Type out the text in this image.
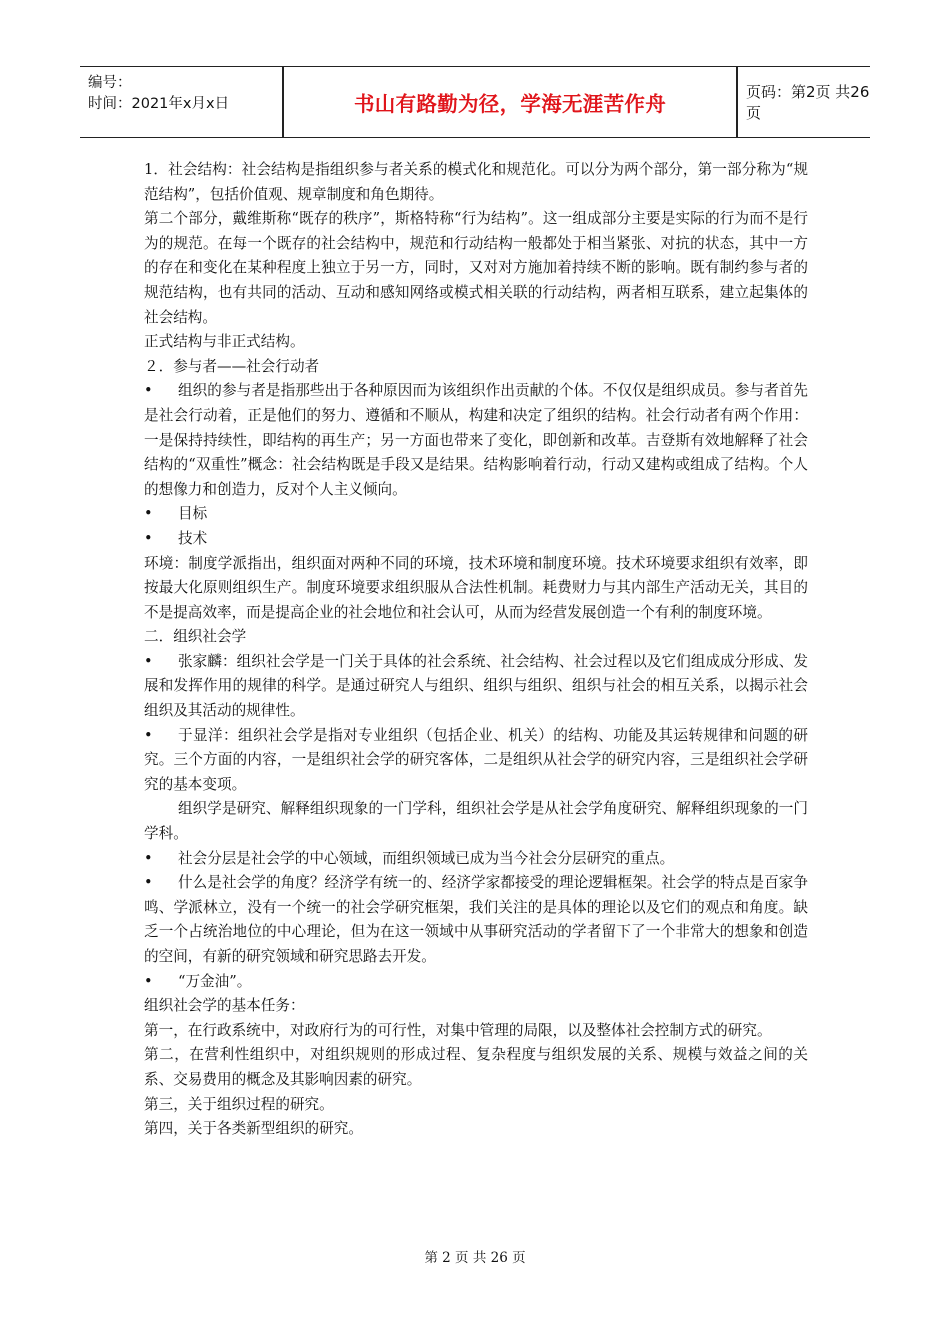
编号：
时间：2021年x月x日	书山有路勤为径，学海无涯苦作舟	页码：第2页 共26页

1．社会结构：社会结构是指组织参与者关系的模式化和规范化。可以分为两个部分，第一部分称为“规范结构”，包括价值观、规章制度和角色期待。

第二个部分，戴维斯称“既存的秩序”，斯格特称“行为结构”。这一组成部分主要是实际的行为而不是行为的规范。在每一个既存的社会结构中，规范和行动结构一般都处于相当紧张、对抗的状态，其中一方的存在和变化在某种程度上独立于另一方，同时，又对对方施加着持续不断的影响。既有制约参与者的规范结构，也有共同的活动、互动和感知网络或模式相关联的行动结构，两者相互联系，建立起集体的社会结构。

正式结构与非正式结构。

２．参与者——社会行动者

•	组织的参与者是指那些出于各种原因而为该组织作出贡献的个体。不仅仅是组织成员。参与者首先是社会行动着，正是他们的努力、遵循和不顺从，构建和决定了组织的结构。社会行动者有两个作用：一是保持持续性，即结构的再生产；另一方面也带来了变化，即创新和改革。吉登斯有效地解释了社会结构的“双重性”概念：社会结构既是手段又是结果。结构影响着行动，行动又建构或组成了结构。个人的想像力和创造力，反对个人主义倾向。

•	目标

•	技术

环境：制度学派指出，组织面对两种不同的环境，技术环境和制度环境。技术环境要求组织有效率，即按最大化原则组织生产。制度环境要求组织服从合法性机制。耗费财力与其内部生产活动无关，其目的不是提高效率，而是提高企业的社会地位和社会认可，从而为经营发展创造一个有利的制度环境。

二．组织社会学

•	张家麟：组织社会学是一门关于具体的社会系统、社会结构、社会过程以及它们组成成分形成、发展和发挥作用的规律的科学。是通过研究人与组织、组织与组织、组织与社会的相互关系，以揭示社会组织及其活动的规律性。

•	于显洋：组织社会学是指对专业组织（包括企业、机关）的结构、功能及其运转规律和问题的研究。三个方面的内容，一是组织社会学的研究客体，二是组织从社会学的研究内容，三是组织社会学研究的基本变项。

组织学是研究、解释组织现象的一门学科，组织社会学是从社会学角度研究、解释组织现象的一门学科。

•	社会分层是社会学的中心领域，而组织领域已成为当今社会分层研究的重点。

•	什么是社会学的角度？经济学有统一的、经济学家都接受的理论逻辑框架。社会学的特点是百家争鸣、学派林立，没有一个统一的社会学研究框架，我们关注的是具体的理论以及它们的观点和角度。缺乏一个占统治地位的中心理论，但为在这一领域中从事研究活动的学者留下了一个非常大的想象和创造的空间，有新的研究领域和研究思路去开发。

•	“万金油”。

组织社会学的基本任务：

第一，在行政系统中，对政府行为的可行性，对集中管理的局限，以及整体社会控制方式的研究。

第二，在营利性组织中，对组织规则的形成过程、复杂程度与组织发展的关系、规模与效益之间的关系、交易费用的概念及其影响因素的研究。

第三，关于组织过程的研究。

第四，关于各类新型组织的研究。

第 2 页 共 26 页
